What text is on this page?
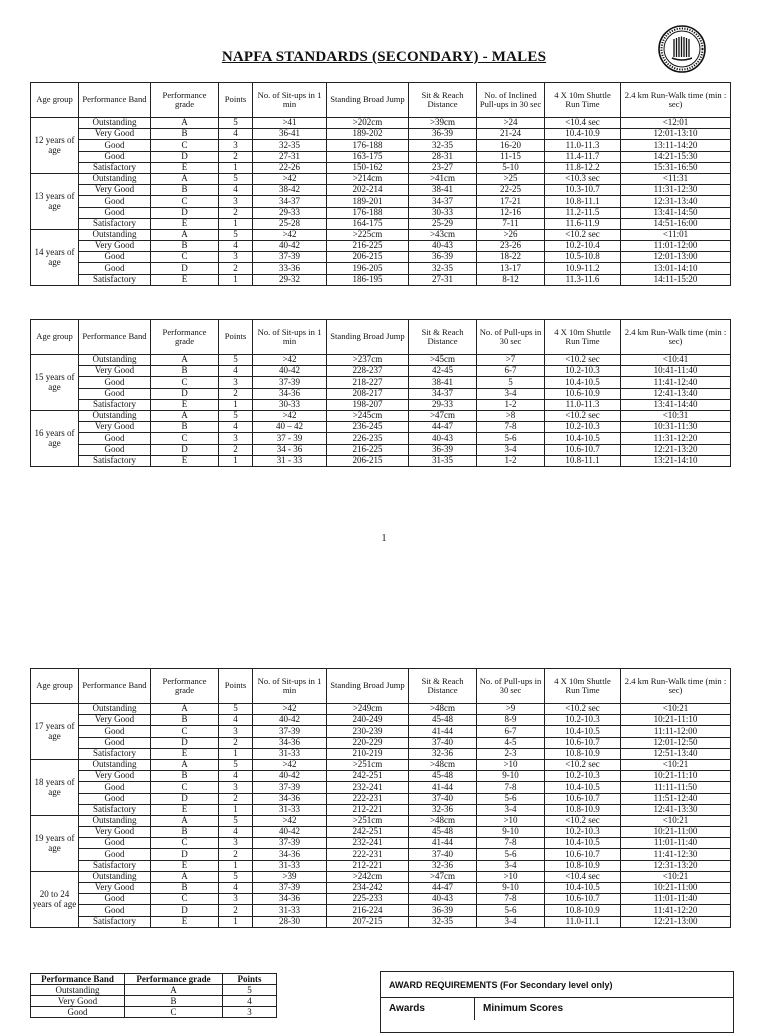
NAPFA STANDARDS (SECONDARY) - MALES
Age group	Performance Band	Performance grade	Points	No. of Sit-ups in 1 min	Standing Broad Jump	Sit & Reach Distance	No. of Inclined Pull-ups in 30 sec	4 X 10m Shuttle Run Time	2.4 km Run-Walk time (min : sec)
12 years of age	Outstanding	A	5	>41	>202cm	>39cm	>24	<10.4 sec	<12:01
	Very Good	B	4	36-41	189-202	36-39	21-24	10.4-10.9	12:01-13:10
	Good	C	3	32-35	176-188	32-35	16-20	11.0-11.3	13:11-14:20
	Good	D	2	27-31	163-175	28-31	11-15	11.4-11.7	14:21-15:30
	Satisfactory	E	1	22-26	150-162	23-27	5-10	11.8-12.2	15:31-16:50
13 years of age	Outstanding	A	5	>42	>214cm	>41cm	>25	<10.3 sec	<11:31
	Very Good	B	4	38-42	202-214	38-41	22-25	10.3-10.7	11:31-12:30
	Good	C	3	34-37	189-201	34-37	17-21	10.8-11.1	12:31-13:40
	Good	D	2	29-33	176-188	30-33	12-16	11.2-11.5	13:41-14:50
	Satisfactory	E	1	25-28	164-175	25-29	7-11	11.6-11.9	14:51-16:00
14 years of age	Outstanding	A	5	>42	>225cm	>43cm	>26	<10.2 sec	<11:01
	Very Good	B	4	40-42	216-225	40-43	23-26	10.2-10.4	11:01-12:00
	Good	C	3	37-39	206-215	36-39	18-22	10.5-10.8	12:01-13:00
	Good	D	2	33-36	196-205	32-35	13-17	10.9-11.2	13:01-14:10
	Satisfactory	E	1	29-32	186-195	27-31	8-12	11.3-11.6	14:11-15:20
Age group	Performance Band	Performance grade	Points	No. of Sit-ups in 1 min	Standing Broad Jump	Sit & Reach Distance	No. of Pull-ups in 30 sec	4 X 10m Shuttle Run Time	2.4 km Run-Walk time (min : sec)
15 years of age	Outstanding	A	5	>42	>237cm	>45cm	>7	<10.2 sec	<10:41
	Very Good	B	4	40-42	228-237	42-45	6-7	10.2-10.3	10:41-11:40
	Good	C	3	37-39	218-227	38-41	5	10.4-10.5	11:41-12:40
	Good	D	2	34-36	208-217	34-37	3-4	10.6-10.9	12:41-13:40
	Satisfactory	E	1	30-33	198-207	29-33	1-2	11.0-11.3	13:41-14:40
16 years of age	Outstanding	A	5	>42	>245cm	>47cm	>8	<10.2 sec	<10:31
	Very Good	B	4	40 – 42	236-245	44-47	7-8	10.2-10.3	10:31-11:30
	Good	C	3	37 - 39	226-235	40-43	5-6	10.4-10.5	11:31-12:20
	Good	D	2	34 - 36	216-225	36-39	3-4	10.6-10.7	12:21-13:20
	Satisfactory	E	1	31 - 33	206-215	31-35	1-2	10.8-11.1	13:21-14:10
1
Age group	Performance Band	Performance grade	Points	No. of Sit-ups in 1 min	Standing Broad Jump	Sit & Reach Distance	No. of Pull-ups in 30 sec	4 X 10m Shuttle Run Time	2.4 km Run-Walk time (min : sec)
17 years of age	Outstanding	A	5	>42	>249cm	>48cm	>9	<10.2 sec	<10:21
	Very Good	B	4	40-42	240-249	45-48	8-9	10.2-10.3	10:21-11:10
	Good	C	3	37-39	230-239	41-44	6-7	10.4-10.5	11:11-12:00
	Good	D	2	34-36	220-229	37-40	4-5	10.6-10.7	12:01-12:50
	Satisfactory	E	1	31-33	210-219	32-36	2-3	10.8-10.9	12:51-13:40
18 years of age	Outstanding	A	5	>42	>251cm	>48cm	>10	<10.2 sec	<10:21
	Very Good	B	4	40-42	242-251	45-48	9-10	10.2-10.3	10:21-11:10
	Good	C	3	37-39	232-241	41-44	7-8	10.4-10.5	11:11-11:50
	Good	D	2	34-36	222-231	37-40	5-6	10.6-10.7	11:51-12:40
	Satisfactory	E	1	31-33	212-221	32-36	3-4	10.8-10.9	12:41-13:30
19 years of age	Outstanding	A	5	>42	>251cm	>48cm	>10	<10.2 sec	<10:21
	Very Good	B	4	40-42	242-251	45-48	9-10	10.2-10.3	10:21-11:00
	Good	C	3	37-39	232-241	41-44	7-8	10.4-10.5	11:01-11:40
	Good	D	2	34-36	222-231	37-40	5-6	10.6-10.7	11:41-12:30
	Satisfactory	E	1	31-33	212-221	32-36	3-4	10.8-10.9	12:31-13:20
20 to 24 years of age	Outstanding	A	5	>39	>242cm	>47cm	>10	<10.4 sec	<10:21
	Very Good	B	4	37-39	234-242	44-47	9-10	10.4-10.5	10:21-11:00
	Good	C	3	34-36	225-233	40-43	7-8	10.6-10.7	11:01-11:40
	Good	D	2	31-33	216-224	36-39	5-6	10.8-10.9	11:41-12:20
	Satisfactory	E	1	28-30	207-215	32-35	3-4	11.0-11.1	12:21-13:00
Performance Band	Performance grade	Points
Outstanding	A	5
Very Good	B	4
Good	C	3
AWARD REQUIREMENTS (For Secondary level only)
Awards	Minimum Scores
